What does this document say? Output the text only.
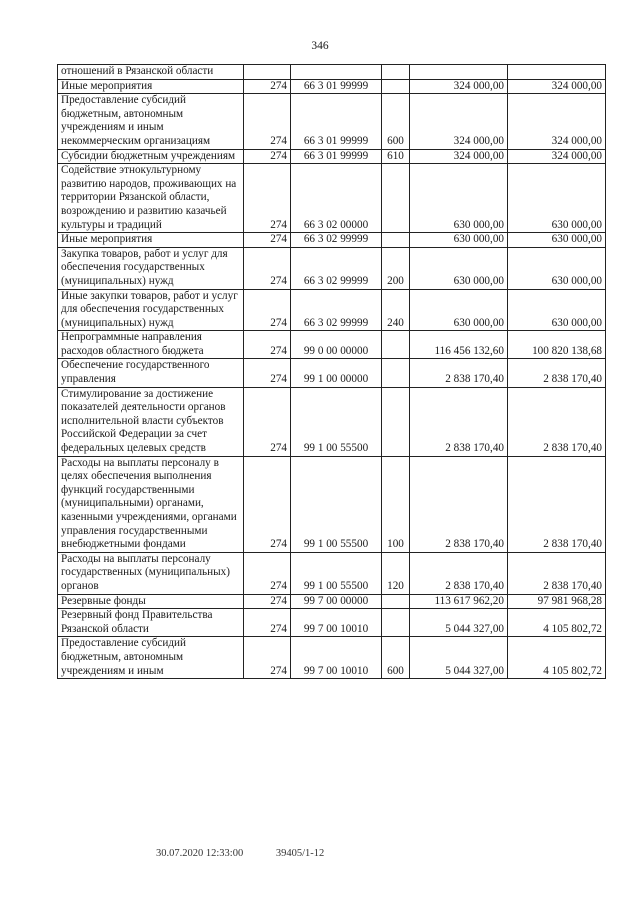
346
отношений в Рязанской области					
Иные мероприятия	274	66 3 01 99999		324 000,00	324 000,00
Предоставление субсидий бюджетным, автономным учреждениям и иным некоммерческим организациям	274	66 3 01 99999	600	324 000,00	324 000,00
Субсидии бюджетным учреждениям	274	66 3 01 99999	610	324 000,00	324 000,00
Содействие этнокультурному развитию народов, проживающих на территории Рязанской области, возрождению и развитию казачьей культуры и традиций	274	66 3 02 00000		630 000,00	630 000,00
Иные мероприятия	274	66 3 02 99999		630 000,00	630 000,00
Закупка товаров, работ и услуг для обеспечения государственных (муниципальных) нужд	274	66 3 02 99999	200	630 000,00	630 000,00
Иные закупки товаров, работ и услуг для обеспечения государственных (муниципальных) нужд	274	66 3 02 99999	240	630 000,00	630 000,00
Непрограммные направления расходов областного бюджета	274	99 0 00 00000		116 456 132,60	100 820 138,68
Обеспечение государственного управления	274	99 1 00 00000		2 838 170,40	2 838 170,40
Стимулирование за достижение показателей деятельности органов исполнительной власти субъектов Российской Федерации за счет федеральных целевых средств	274	99 1 00 55500		2 838 170,40	2 838 170,40
Расходы на выплаты персоналу в целях обеспечения выполнения функций государственными (муниципальными) органами, казенными учреждениями, органами управления государственными внебюджетными фондами	274	99 1 00 55500	100	2 838 170,40	2 838 170,40
Расходы на выплаты персоналу государственных (муниципальных) органов	274	99 1 00 55500	120	2 838 170,40	2 838 170,40
Резервные фонды	274	99 7 00 00000		113 617 962,20	97 981 968,28
Резервный фонд Правительства Рязанской области	274	99 7 00 10010		5 044 327,00	4 105 802,72
Предоставление субсидий бюджетным, автономным учреждениям и иным	274	99 7 00 10010	600	5 044 327,00	4 105 802,72
30.07.2020 12:33:00	39405/1-12
